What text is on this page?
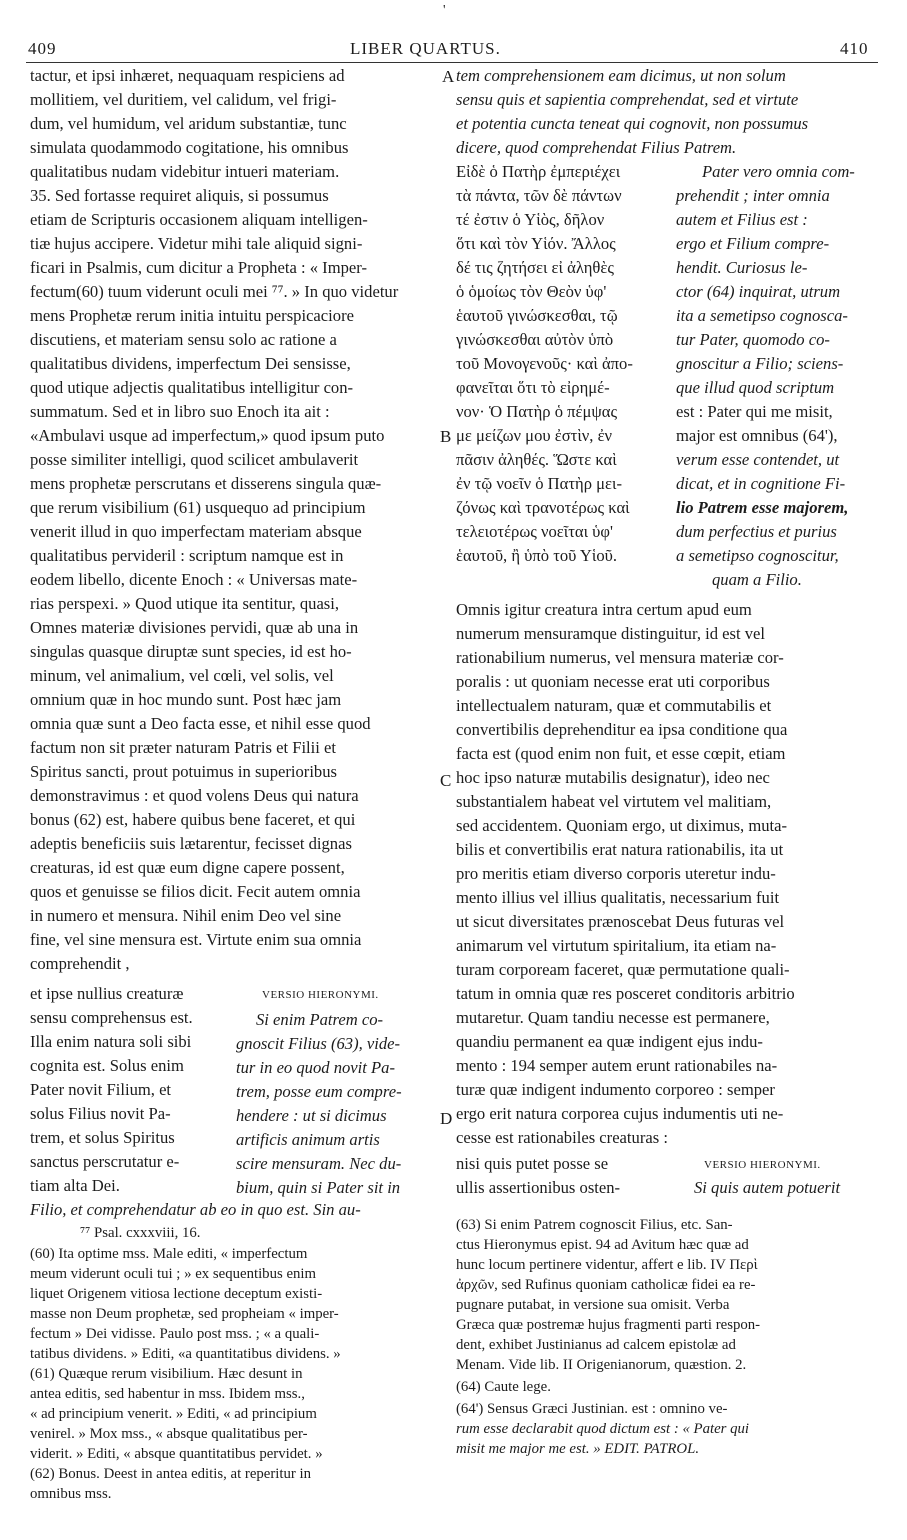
'
409	LIBER QUARTUS.	410
tactur, et ipsi inhæret, nequaquam respiciens ad
mollitiem, vel duritiem, vel calidum, vel frigi-
dum, vel humidum, vel aridum substantiæ, tunc
simulata quodammodo cogitatione, his omnibus
qualitatibus nudam videbitur intueri materiam.
35. Sed fortasse requiret aliquis, si possumus
etiam de Scripturis occasionem aliquam intelligen-
tiæ hujus accipere. Videtur mihi tale aliquid signi-
ficari in Psalmis, cum dicitur a Propheta : « Imper-
fectum(60) tuum viderunt oculi mei ⁷⁷. » In quo videtur
mens Prophetæ rerum initia intuitu perspicaciore
discutiens, et materiam sensu solo ac ratione a
qualitatibus dividens, imperfectum Dei sensisse,
quod utique adjectis qualitatibus intelligitur con-
summatum. Sed et in libro suo Enoch ita ait :
«Ambulavi usque ad imperfectum,» quod ipsum puto
posse similiter intelligi, quod scilicet ambulaverit
mens prophetæ perscrutans et disserens singula quæ-
que rerum visibilium (61) usquequo ad principium
venerit illud in quo imperfectam materiam absque
qualitatibus pervideril : scriptum namque est in
eodem libello, dicente Enoch : « Universas mate-
rias perspexi. » Quod utique ita sentitur, quasi,
Omnes materiæ divisiones pervidi, quæ ab una in
singulas quasque diruptæ sunt species, id est ho-
minum, vel animalium, vel cœli, vel solis, vel
omnium quæ in hoc mundo sunt. Post hæc jam
omnia quæ sunt a Deo facta esse, et nihil esse quod
factum non sit præter naturam Patris et Filii et
Spiritus sancti, prout potuimus in superioribus
demonstravimus : et quod volens Deus qui natura
bonus (62) est, habere quibus bene faceret, et qui
adeptis beneficiis suis lætarentur, fecisset dignas
creaturas, id est quæ eum digne capere possent,
quos et genuisse se filios dicit. Fecit autem omnia
in numero et mensura. Nihil enim Deo vel sine
fine, vel sine mensura est. Virtute enim sua omnia
comprehendit ,
et ipse nullius creaturæ
sensu comprehensus est.
Illa enim natura soli sibi
cognita est. Solus enim
Pater novit Filium, et
solus Filius novit Pa-
trem, et solus Spiritus
sanctus perscrutatur e-
tiam alta Dei.
VERSIO HIERONYMI.
Si enim Patrem co-
gnoscit Filius (63), vide-
tur in eo quod novit Pa-
trem, posse eum compre-
hendere : ut si dicimus
artificis animum artis
scire mensuram. Nec du-
bium, quin si Pater sit in
Filio, et comprehendatur ab eo in quo est. Sin au-
⁷⁷ Psal. cxxxviii, 16.
(60) Ita optime mss. Male editi, « imperfectum
meum viderunt oculi tui ; » ex sequentibus enim
liquet Origenem vitiosa lectione deceptum existi-
masse non Deum prophetæ, sed propheiam « imper-
fectum » Dei vidisse. Paulo post mss. ; « a quali-
tatibus dividens. » Editi, «a quantitatibus dividens. »
(61) Quæque rerum visibilium. Hæc desunt in
antea editis, sed habentur in mss. Ibidem mss.,
« ad principium venerit. » Editi, « ad principium
venirel. » Mox mss., « absque qualitatibus per-
viderit. » Editi, « absque quantitatibus pervidet. »
(62) Bonus. Deest in antea editis, at reperitur in
omnibus mss.
A
B
C
D
tem comprehensionem eam dicimus, ut non solum
sensu quis et sapientia comprehendat, sed et virtute
et potentia cuncta teneat qui cognovit, non possumus
dicere, quod comprehendat Filius Patrem.
Εἰδὲ ὁ Πατὴρ ἐμπεριέχει
τὰ πάντα, τῶν δὲ πάντων
τέ ἐστιν ὁ Υἱὸς, δῆλον
ὅτι καὶ τὸν Υἱόν. Ἄλλος
δέ τις ζητήσει εἰ ἀληθὲς
ὁ ὁμοίως τὸν Θεὸν ὑφ'
ἑαυτοῦ γινώσκεσθαι, τῷ
γινώσκεσθαι αὐτὸν ὑπὸ
τοῦ Μονογενοῦς· καὶ ἀπο-
φανεῖται ὅτι τὸ εἰρημέ-
νον· Ὁ Πατὴρ ὁ πέμψας
με μείζων μου ἐστὶν, ἐν
πᾶσιν ἀληθές. Ὥστε καὶ
ἐν τῷ νοεῖν ὁ Πατὴρ μει-
ζόνως καὶ τρανοτέρως καὶ
τελειοτέρως νοεῖται ὑφ'
ἑαυτοῦ, ἢ ὑπὸ τοῦ Υἱοῦ.
Pater vero omnia com-
prehendit ; inter omnia
autem et Filius est :
ergo et Filium compre-
hendit. Curiosus le-
ctor (64) inquirat, utrum
ita a semetipso cognosca-
tur Pater, quomodo co-
gnoscitur a Filio; sciens-
que illud quod scriptum
est : Pater qui me misit,
major est omnibus (64'),
verum esse contendet, ut
dicat, et in cognitione Fi-
lio Patrem esse majorem,
dum perfectius et purius
a semetipso cognoscitur,
quam a Filio.
Omnis igitur creatura intra certum apud eum
numerum mensuramque distinguitur, id est vel
rationabilium numerus, vel mensura materiæ cor-
poralis : ut quoniam necesse erat uti corporibus
intellectualem naturam, quæ et commutabilis et
convertibilis deprehenditur ea ipsa conditione qua
facta est (quod enim non fuit, et esse cœpit, etiam
hoc ipso naturæ mutabilis designatur), ideo nec
substantialem habeat vel virtutem vel malitiam,
sed accidentem. Quoniam ergo, ut diximus, muta-
bilis et convertibilis erat natura rationabilis, ita ut
pro meritis etiam diverso corporis uteretur indu-
mento illius vel illius qualitatis, necessarium fuit
ut sicut diversitates prænoscebat Deus futuras vel
animarum vel virtutum spiritalium, ita etiam na-
turam corpoream faceret, quæ permutatione quali-
tatum in omnia quæ res posceret conditoris arbitrio
mutaretur. Quam tandiu necesse est permanere,
quandiu permanent ea quæ indigent ejus indu-
mento : 194 semper autem erunt rationabiles na-
turæ quæ indigent indumento corporeo : semper
ergo erit natura corporea cujus indumentis uti ne-
cesse est rationabiles creaturas :
nisi quis putet posse se
ullis assertionibus osten-
VERSIO HIERONYMI.
Si quis autem potuerit
(63) Si enim Patrem cognoscit Filius, etc. San-
ctus Hieronymus epist. 94 ad Avitum hæc quæ ad
hunc locum pertinere videntur, affert e lib. IV Περὶ
ἀρχῶν, sed Rufinus quoniam catholicæ fidei ea re-
pugnare putabat, in versione sua omisit. Verba
Græca quæ postremæ hujus fragmenti parti respon-
dent, exhibet Justinianus ad calcem epistolæ ad
Menam. Vide lib. II Origenianorum, quæstion. 2.
(64) Caute lege.
(64') Sensus Græci Justinian. est : omnino ve-
rum esse declarabit quod dictum est : « Pater qui
misit me major me est. » EDIT. PATROL.
